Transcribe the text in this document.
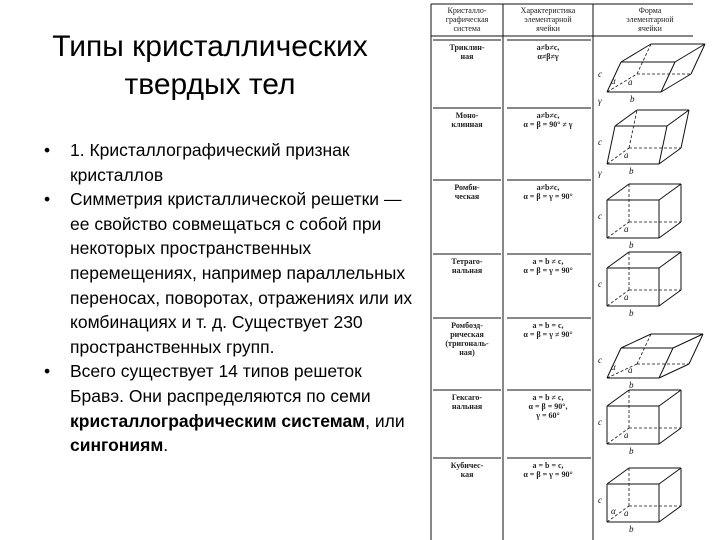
Типы кристаллических
твердых тел
• 1. Кристаллографический признак кристаллов
• Симметрия кристаллической решетки — ее свойство совмещаться с собой при некоторых пространственных перемещениях, например параллельных переносах, поворотах, отражениях или их комбинациях и т. д. Существует 230 пространственных групп.
• Всего существует 14 типов решеток Бравэ. Они распределяются по семи кристаллографическим системам, или сингониям.
Кристалло-
графическая
система
Характеристика
элементарной
ячейки
Форма
элементарной
ячейки
Триклин-
ная
a≠b≠c,
α≠β≠γ
Моно-
клинная
a≠b≠c,
α = β = 90° ≠ γ
Ромби-
ческая
a≠b≠c,
α = β = γ = 90°
Тетраго-
нальная
a = b ≠ c,
α = β = γ = 90°
Ромбоэд-
рическая
(тригональ-
ная)
a = b = c,
α = β = γ ≠ 90°
Гексаго-
нальная
a = b ≠ c,
α = β = 90°,
γ = 60°
Кубичес-
кая
a = b = c,
α = β = γ = 90°
b
c
a
α
γ
b
c
a
γ
b
c
a
b
c
a
b
c
a
α
b
c
a
b
c
a
α
